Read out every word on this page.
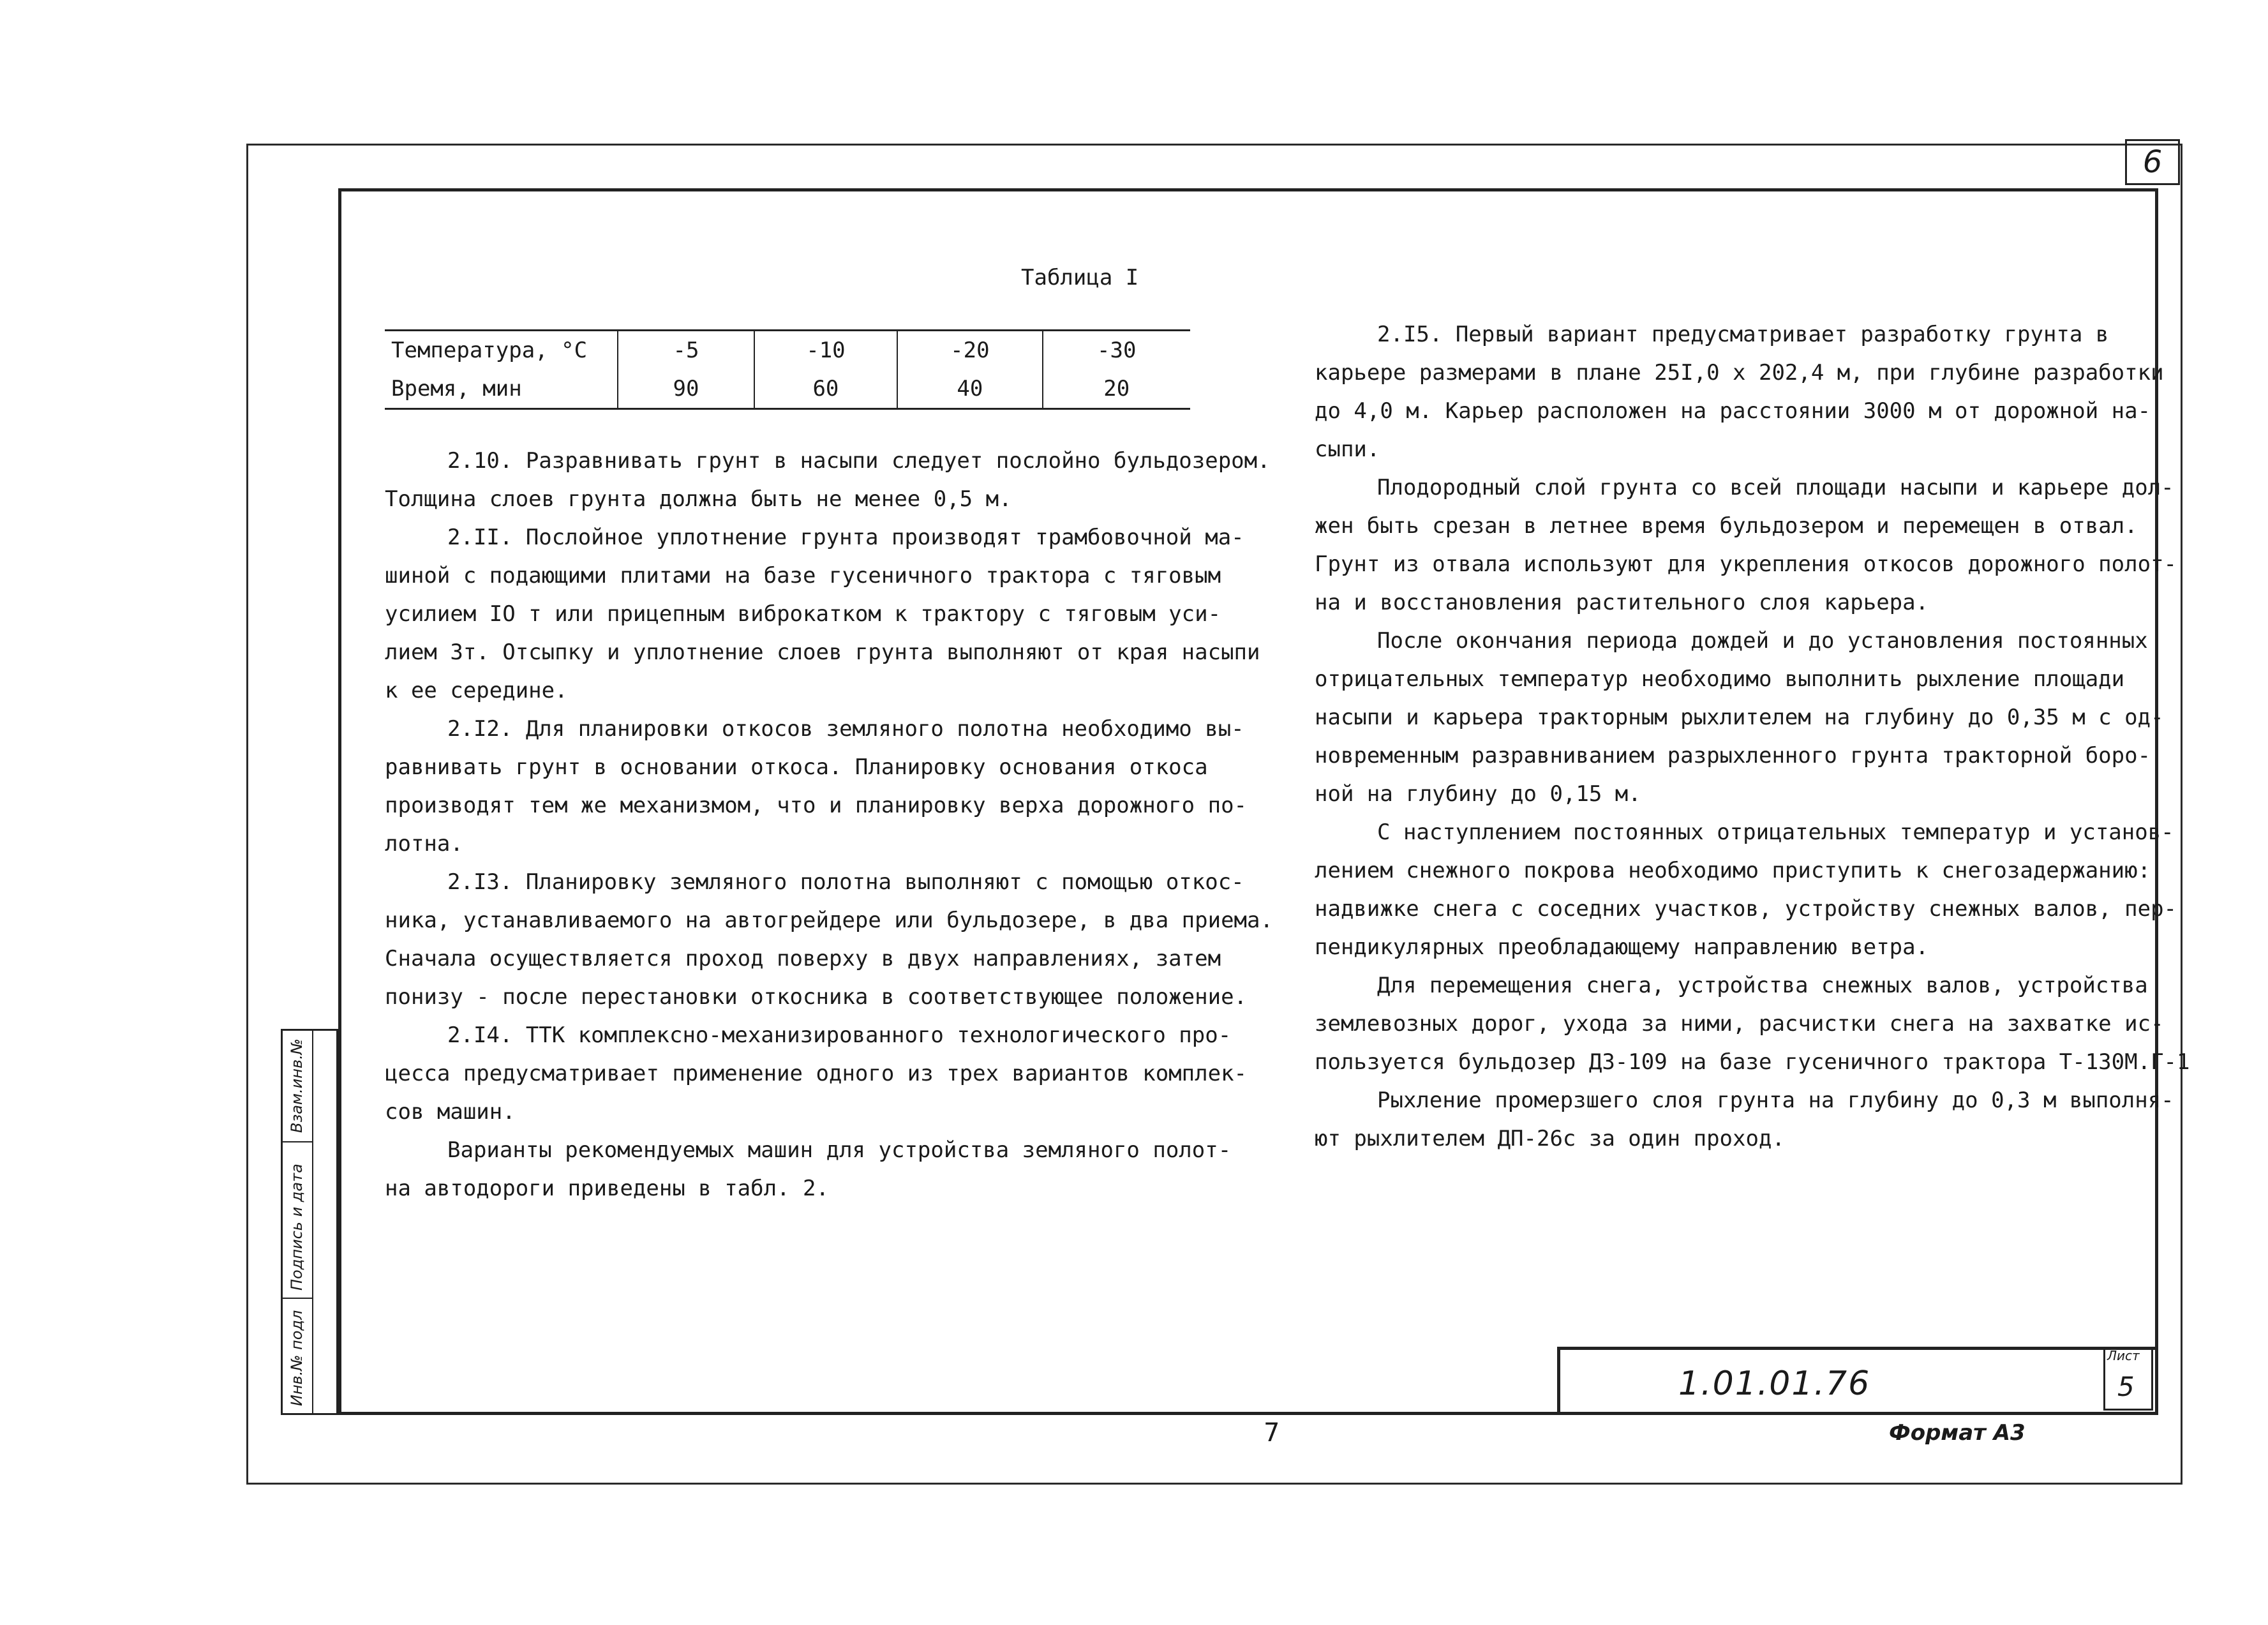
6
Таблица I
Температура, °С	-5	-10	-20	-30
Время, мин	90	60	40	20
2.10. Разравнивать грунт в насыпи следует послойно бульдозером.
Толщина слоев грунта должна быть не менее 0,5 м.
2.II. Послойное уплотнение грунта производят трамбовочной ма-
шиной с подающими плитами на базе гусеничного трактора с тяговым
усилием IO т или прицепным виброкатком к трактору с тяговым уси-
лием 3т. Отсыпку и уплотнение слоев грунта выполняют от края насыпи
к ее середине.
2.I2. Для планировки откосов земляного полотна необходимо вы-
равнивать грунт в основании откоса. Планировку основания откоса
производят тем же механизмом, что и планировку верха дорожного по-
лотна.
2.I3. Планировку земляного полотна выполняют с помощью откос-
ника, устанавливаемого на автогрейдере или бульдозере, в два приема.
Сначала осуществляется проход поверху в двух направлениях, затем
понизу - после перестановки откосника в соответствующее положение.
2.I4. ТТК комплексно-механизированного технологического про-
цесса предусматривает применение одного из трех вариантов комплек-
сов машин.
Варианты рекомендуемых машин для устройства земляного полот-
на автодороги приведены в табл. 2.
2.I5. Первый вариант предусматривает разработку грунта в
карьере размерами в плане 25I,0 х 202,4 м, при глубине разработки
до 4,0 м. Карьер расположен на расстоянии 3000 м от дорожной на-
сыпи.
Плодородный слой грунта со всей площади насыпи и карьере дол-
жен быть срезан в летнее время бульдозером и перемещен в отвал.
Грунт из отвала используют для укрепления откосов дорожного полот-
на и восстановления растительного слоя карьера.
После окончания периода дождей и до установления постоянных
отрицательных температур необходимо выполнить рыхление площади
насыпи и карьера тракторным рыхлителем на глубину до 0,35 м с од-
новременным разравниванием разрыхленного грунта тракторной боро-
ной на глубину до 0,15 м.
С наступлением постоянных отрицательных температур и установ-
лением снежного покрова необходимо приступить к снегозадержанию:
надвижке снега с соседних участков, устройству снежных валов, пер-
пендикулярных преобладающему направлению ветра.
Для перемещения снега, устройства снежных валов, устройства
землевозных дорог, ухода за ними, расчистки снега на захватке ис-
пользуется бульдозер ДЗ-109 на базе гусеничного трактора Т-130М.Г-1
Рыхление промерзшего слоя грунта на глубину до 0,3 м выполня-
ют рыхлителем ДП-26с за один проход.
Взам.инв.№
Подпись и дата
Инв.№ подл	1.01.01.76
Лист
5
7	Формат А3
